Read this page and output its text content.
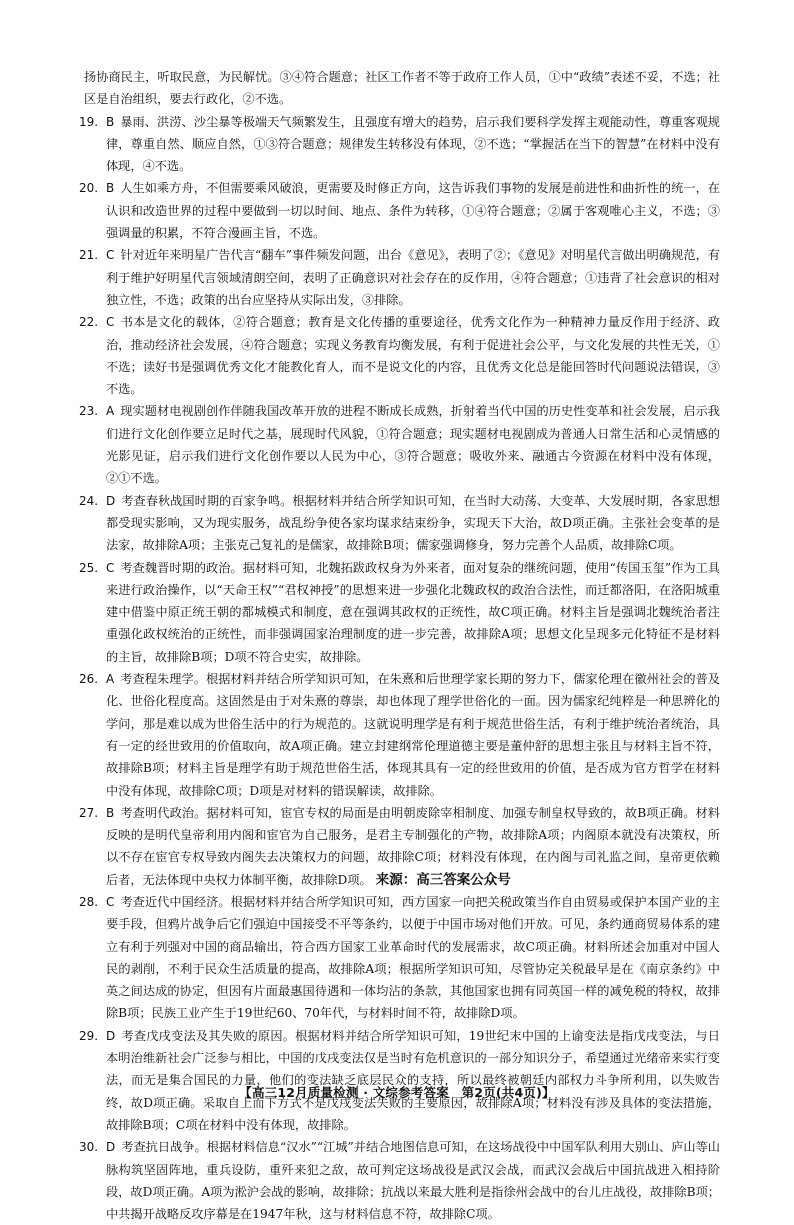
扬协商民主，听取民意，为民解忧。③④符合题意；社区工作者不等于政府工作人员，①中“政绩”表述不妥，不选；社区是自治组织，要去行政化，②不选。

19. B 暴雨、洪涝、沙尘暴等极端天气频繁发生，且强度有增大的趋势，启示我们要科学发挥主观能动性，尊重客观规律，尊重自然、顺应自然，①③符合题意；规律发生转移没有体现，②不选；“掌握活在当下的智慧”在材料中没有体现，④不选。

20. B 人生如乘方舟，不但需要乘风破浪，更需要及时修正方向，这告诉我们事物的发展是前进性和曲折性的统一，在认识和改造世界的过程中要做到一切以时间、地点、条件为转移，①④符合题意；②属于客观唯心主义，不选；③强调量的积累，不符合漫画主旨，不选。

21. C 针对近年来明星广告代言“翻车”事件频发问题，出台《意见》，表明了②；《意见》对明星代言做出明确规范，有利于维护好明星代言领域清朗空间，表明了正确意识对社会存在的反作用，④符合题意；①违背了社会意识的相对独立性，不选；政策的出台应坚持从实际出发，③排除。

22. C 书本是文化的载体，②符合题意；教育是文化传播的重要途径，优秀文化作为一种精神力量反作用于经济、政治，推动经济社会发展，④符合题意；实现义务教育均衡发展，有利于促进社会公平，与文化发展的共性无关，①不选；读好书是强调优秀文化才能教化育人，而不是说文化的内容，且优秀文化总是能回答时代问题说法错误，③不选。

23. A 现实题材电视剧创作伴随我国改革开放的进程不断成长成熟，折射着当代中国的历史性变革和社会发展，启示我们进行文化创作要立足时代之基，展现时代风貌，①符合题意；现实题材电视剧成为普通人日常生活和心灵情感的光影见证，启示我们进行文化创作要以人民为中心，③符合题意；吸收外来、融通古今资源在材料中没有体现，②①不选。

24. D 考查春秋战国时期的百家争鸣。根据材料并结合所学知识可知，在当时大动荡、大变革、大发展时期，各家思想都受现实影响，又为现实服务，战乱纷争使各家均谋求结束纷争，实现天下大治，故D项正确。主张社会变革的是法家，故排除A项；主张克己复礼的是儒家，故排除B项；儒家强调修身，努力完善个人品质，故排除C项。

25. C 考查魏晋时期的政治。据材料可知，北魏拓跋政权身为外来者，面对复杂的继统问题，使用“传国玉玺”作为工具来进行政治操作，以“天命王权”“君权神授”的思想来进一步强化北魏政权的政治合法性，而迁都洛阳，在洛阳城重建中借鉴中原正统王朝的都城模式和制度，意在强调其政权的正统性，故C项正确。材料主旨是强调北魏统治者注重强化政权统治的正统性，而非强调国家治理制度的进一步完善，故排除A项；思想文化呈现多元化特征不是材料的主旨，故排除B项；D项不符合史实，故排除。

26. A 考查程朱理学。根据材料并结合所学知识可知，在朱熹和后世理学家长期的努力下，儒家伦理在徽州社会的普及化、世俗化程度高。这固然是由于对朱熹的尊崇，却也体现了理学世俗化的一面。因为儒家纪纯粹是一种思辨化的学问，那是难以成为世俗生活中的行为规范的。这就说明理学是有利于规范世俗生活，有利于维护统治者统治，具有一定的经世致用的价值取向，故A项正确。建立封建纲常伦理道德主要是董仲舒的思想主张且与材料主旨不符，故排除B项；材料主旨是理学有助于规范世俗生活，体现其具有一定的经世致用的价值，是否成为官方哲学在材料中没有体现，故排除C项；D项是对材料的错误解读，故排除。

27. B 考查明代政治。据材料可知，宦官专权的局面是由明朝废除宰相制度、加强专制皇权导致的，故B项正确。材料反映的是明代皇帝利用内阁和宦官为自己服务，是君主专制强化的产物，故排除A项；内阁原本就没有决策权，所以不存在宦官专权导致内阁失去决策权力的问题，故排除C项；材料没有体现，在内阁与司礼监之间，皇帝更依赖后者，无法体现中央权力体制平衡，故排除D项。 来源：高三答案公众号

28. C 考查近代中国经济。根据材料并结合所学知识可知，西方国家一向把关税政策当作自由贸易或保护本国产业的主要手段，但鸦片战争后它们强迫中国接受不平等条约，以便于中国市场对他们开放。可见，条约通商贸易体系的建立有利于列强对中国的商品输出，符合西方国家工业革命时代的发展需求，故C项正确。材料所述会加重对中国人民的剥削，不利于民众生活质量的提高，故排除A项；根据所学知识可知，尽管协定关税最早是在《南京条约》中英之间达成的协定，但因有片面最惠国待遇和一体均沾的条款，其他国家也拥有同英国一样的减免税的特权，故排除B项；民族工业产生于19世纪60、70年代，与材料时间不符，故排除D项。

29. D 考查戊戌变法及其失败的原因。根据材料并结合所学知识可知，19世纪末中国的上谕变法是指戊戌变法，与日本明治维新社会广泛参与相比，中国的戊戌变法仅是当时有危机意识的一部分知识分子，希望通过光绪帝来实行变法，而无是集合国民的力量，他们的变法缺乏底层民众的支持，所以最终被朝廷内部权力斗争所利用，以失败告终，故D项正确。采取自上而下方式不是戊戌变法失败的主要原因，故排除A项；材料没有涉及具体的变法措施，故排除B项；C项在材料中没有体现，故排除。

30. D 考查抗日战争。根据材料信息“汉水”“江城”并结合地图信息可知，在这场战役中中国军队利用大别山、庐山等山脉构筑坚固阵地，重兵设防，重歼来犯之敌，故可判定这场战役是武汉会战，而武汉会战后中国抗战进入相持阶段，故D项正确。A项为淞沪会战的影响，故排除；抗战以来最大胜利是指徐州会战中的台儿庄战役，故排除B项；中共揭开战略反攻序幕是在1947年秋，这与材料信息不符，故排除C项。

【高三12月质量检测 · 文综参考答案　第2页(共4页)】
